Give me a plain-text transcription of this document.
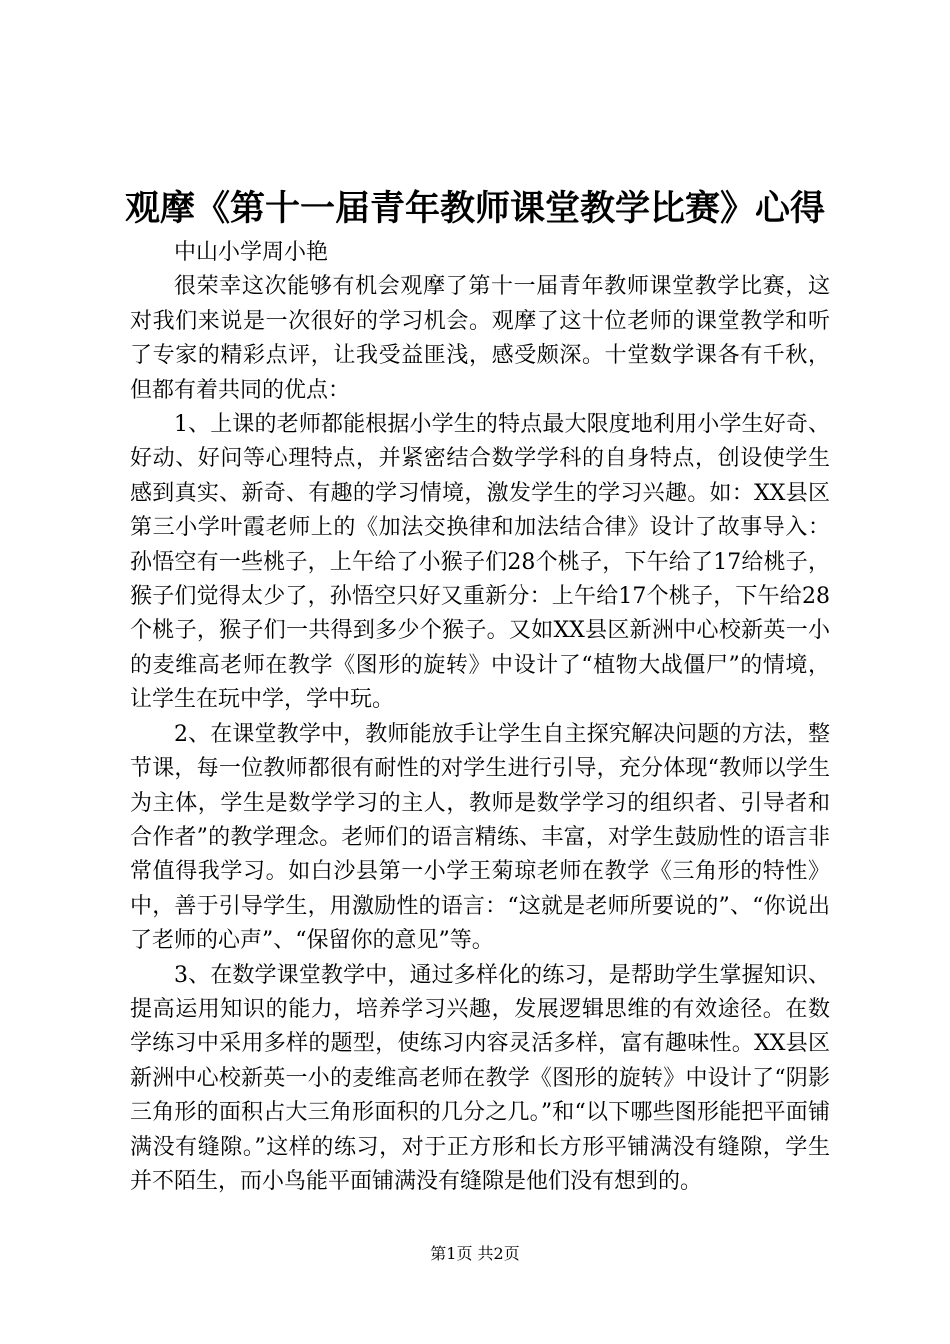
观摩《第十一届青年教师课堂教学比赛》心得

中山小学周小艳

很荣幸这次能够有机会观摩了第十一届青年教师课堂教学比赛，这对我们来说是一次很好的学习机会。观摩了这十位老师的课堂教学和听了专家的精彩点评，让我受益匪浅，感受颇深。十堂数学课各有千秋，但都有着共同的优点：

1、上课的老师都能根据小学生的特点最大限度地利用小学生好奇、好动、好问等心理特点，并紧密结合数学学科的自身特点，创设使学生感到真实、新奇、有趣的学习情境，激发学生的学习兴趣。如：XX县区第三小学叶霞老师上的《加法交换律和加法结合律》设计了故事导入：孙悟空有一些桃子，上午给了小猴子们28个桃子，下午给了17给桃子，猴子们觉得太少了，孙悟空只好又重新分：上午给17个桃子，下午给28个桃子，猴子们一共得到多少个猴子。又如XX县区新洲中心校新英一小的麦维高老师在教学《图形的旋转》中设计了“植物大战僵尸”的情境，让学生在玩中学，学中玩。

2、在课堂教学中，教师能放手让学生自主探究解决问题的方法，整节课，每一位教师都很有耐性的对学生进行引导，充分体现“教师以学生为主体，学生是数学学习的主人，教师是数学学习的组织者、引导者和合作者”的教学理念。老师们的语言精练、丰富，对学生鼓励性的语言非常值得我学习。如白沙县第一小学王菊琼老师在教学《三角形的特性》中，善于引导学生，用激励性的语言：“这就是老师所要说的”、“你说出了老师的心声”、“保留你的意见”等。

3、在数学课堂教学中，通过多样化的练习，是帮助学生掌握知识、提高运用知识的能力，培养学习兴趣，发展逻辑思维的有效途径。在数学练习中采用多样的题型，使练习内容灵活多样，富有趣味性。XX县区新洲中心校新英一小的麦维高老师在教学《图形的旋转》中设计了“阴影三角形的面积占大三角形面积的几分之几。”和“以下哪些图形能把平面铺满没有缝隙。”这样的练习，对于正方形和长方形平铺满没有缝隙，学生并不陌生，而小鸟能平面铺满没有缝隙是他们没有想到的。

第1页 共2页
